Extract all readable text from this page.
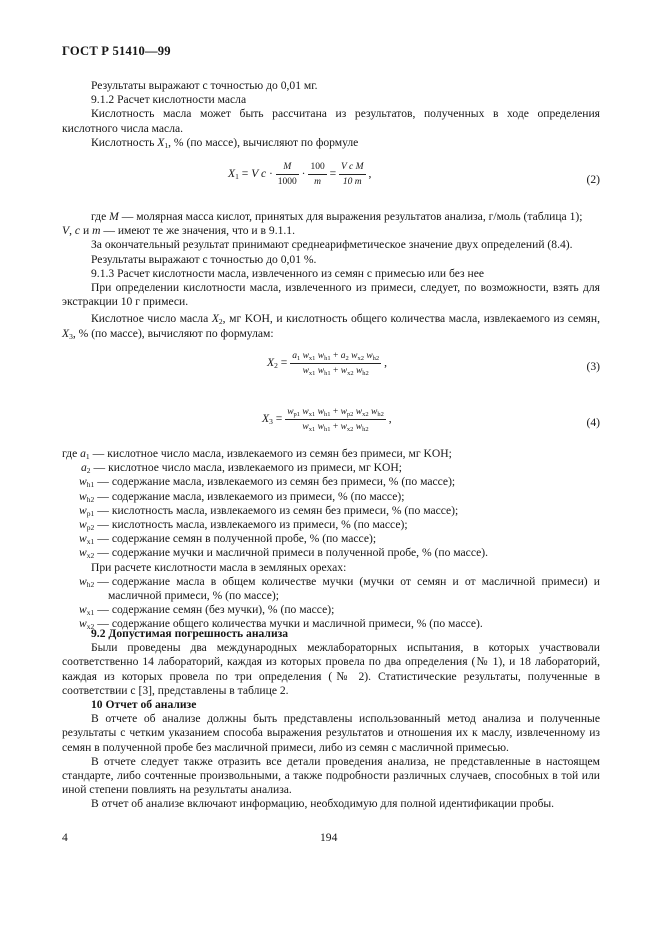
ГОСТ Р 51410—99

Результаты выражают с точностью до 0,01 мг.

9.1.2 Расчет кислотности масла

Кислотность масла может быть рассчитана из результатов, полученных в ходе определения кислотного числа масла.

Кислотность $X_1$, % (по массе), вычисляют по формуле

$X_1 = V$ $c \cdot \frac{M}{1000} \cdot \frac{100}{m} = \frac{\text{V c M}}{10 m}$ ,	(2)

где M — молярная масса кислот, принятых для выражения результатов анализа, г/моль (таблица 1);

V, c и m — имеют те же значения, что и в 9.1.1.

За окончательный результат принимают среднеарифметическое значение двух определений (8.4).

Результаты выражают с точностью до 0,01 %.

9.1.3 Расчет кислотности масла, извлеченного из семян с примесью или без нее

При определении кислотности масла, извлеченного из примеси, следует, по возможности, взять для экстракции 10 г примеси.

Кислотное число масла $X_2$, мг KOH, и кислотность общего количества масла, извлекаемого из семян, $X_3$, % (по массе), вычисляют по формулам:

$X_2 = \frac{a_1 w_{x1} w_{h1} + a_2 w_{x2} w_{h2}}{w_{x1} w_{h1} + w_{x2} w_{h2}}$ ,	(3)
$X_3 = \frac{w_{p1} w_{x1} w_{h1} + w_{p2} w_{x2} w_{h2}}{w_{x1} w_{h1} + w_{x2} w_{h2}}$ ,	(4)
где $a_1$ — кислотное число масла, извлекаемого из семян без примеси, мг KOH;
$a_2$ — кислотное число масла, извлекаемого из примеси, мг KOH;
$w_{h1}$ — содержание масла, извлекаемого из семян без примеси, % (по массе);
$w_{h2}$ — содержание масла, извлекаемого из примеси, % (по массе);
$w_{p1}$ — кислотность масла, извлекаемого из семян без примеси, % (по массе);
$w_{p2}$ — кислотность масла, извлекаемого из примеси, % (по массе);
$w_{x1}$ — содержание семян в полученной пробе, % (по массе);
$w_{x2}$ — содержание мучки и масличной примеси в полученной пробе, % (по массе).

При расчете кислотности масла в земляных орехах:

$w_{h2}$ — содержание масла в общем количестве мучки (мучки от семян и от масличной примеси) и масличной примеси, % (по массе);
$w_{x1}$ — содержание семян (без мучки), % (по массе);
$w_{x2}$ — содержание общего количества мучки и масличной примеси, % (по массе).

9.2 Допустимая погрешность анализа

Были проведены два международных межлабораторных испытания, в которых участвовали соответственно 14 лабораторий, каждая из которых провела по два определения (№ 1), и 18 лабораторий, каждая из которых провела по три определения (№ 2). Статистические результаты, полученные в соответствии с [3], представлены в таблице 2.

10 Отчет об анализе

В отчете об анализе должны быть представлены использованный метод анализа и полученные результаты с четким указанием способа выражения результатов и отношения их к маслу, извлеченному из семян в полученной пробе без масличной примеси, либо из семян с масличной примесью.

В отчете следует также отразить все детали проведения анализа, не представленные в настоящем стандарте, либо сочтенные произвольными, а также подробности различных случаев, способных в той или иной степени повлиять на результаты анализа.

В отчет об анализе включают информацию, необходимую для полной идентификации пробы.

4	194
